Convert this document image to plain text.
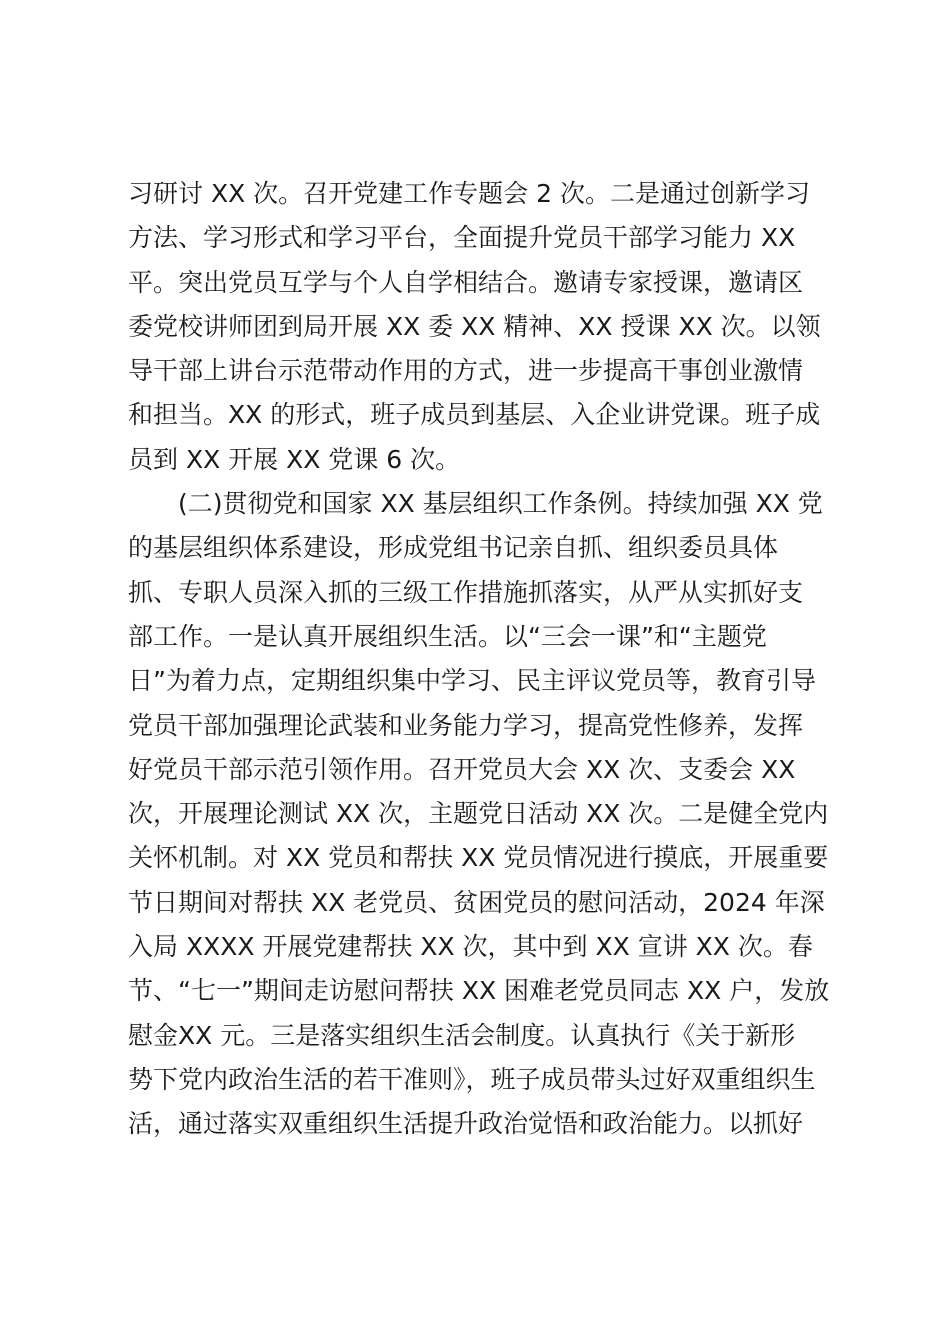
习研讨 XX 次。召开党建工作专题会 2 次。二是通过创新学习
方法、学习形式和学习平台，全面提升党员干部学习能力 XX
平。突出党员互学与个人自学相结合。邀请专家授课，邀请区
委党校讲师团到局开展 XX 委 XX 精神、XX 授课 XX 次。以领
导干部上讲台示范带动作用的方式，进一步提高干事创业激情
和担当。XX 的形式，班子成员到基层、入企业讲党课。班子成
员到 XX 开展 XX 党课 6 次。
(二)贯彻党和国家 XX 基层组织工作条例。持续加强 XX 党
的基层组织体系建设，形成党组书记亲自抓、组织委员具体
抓、专职人员深入抓的三级工作措施抓落实，从严从实抓好支
部工作。一是认真开展组织生活。以“三会一课”和“主题党
日”为着力点，定期组织集中学习、民主评议党员等，教育引导
党员干部加强理论武装和业务能力学习，提高党性修养，发挥
好党员干部示范引领作用。召开党员大会 XX 次、支委会 XX
次，开展理论测试 XX 次，主题党日活动 XX 次。二是健全党内
关怀机制。对 XX 党员和帮扶 XX 党员情况进行摸底，开展重要
节日期间对帮扶 XX 老党员、贫困党员的慰问活动，2024 年深
入局 XXXX 开展党建帮扶 XX 次，其中到 XX 宣讲 XX 次。春
节、“七一”期间走访慰问帮扶 XX 困难老党员同志 XX 户，发放
慰金XX 元。三是落实组织生活会制度。认真执行《关于新形
势下党内政治生活的若干准则》，班子成员带头过好双重组织生
活，通过落实双重组织生活提升政治觉悟和政治能力。以抓好
